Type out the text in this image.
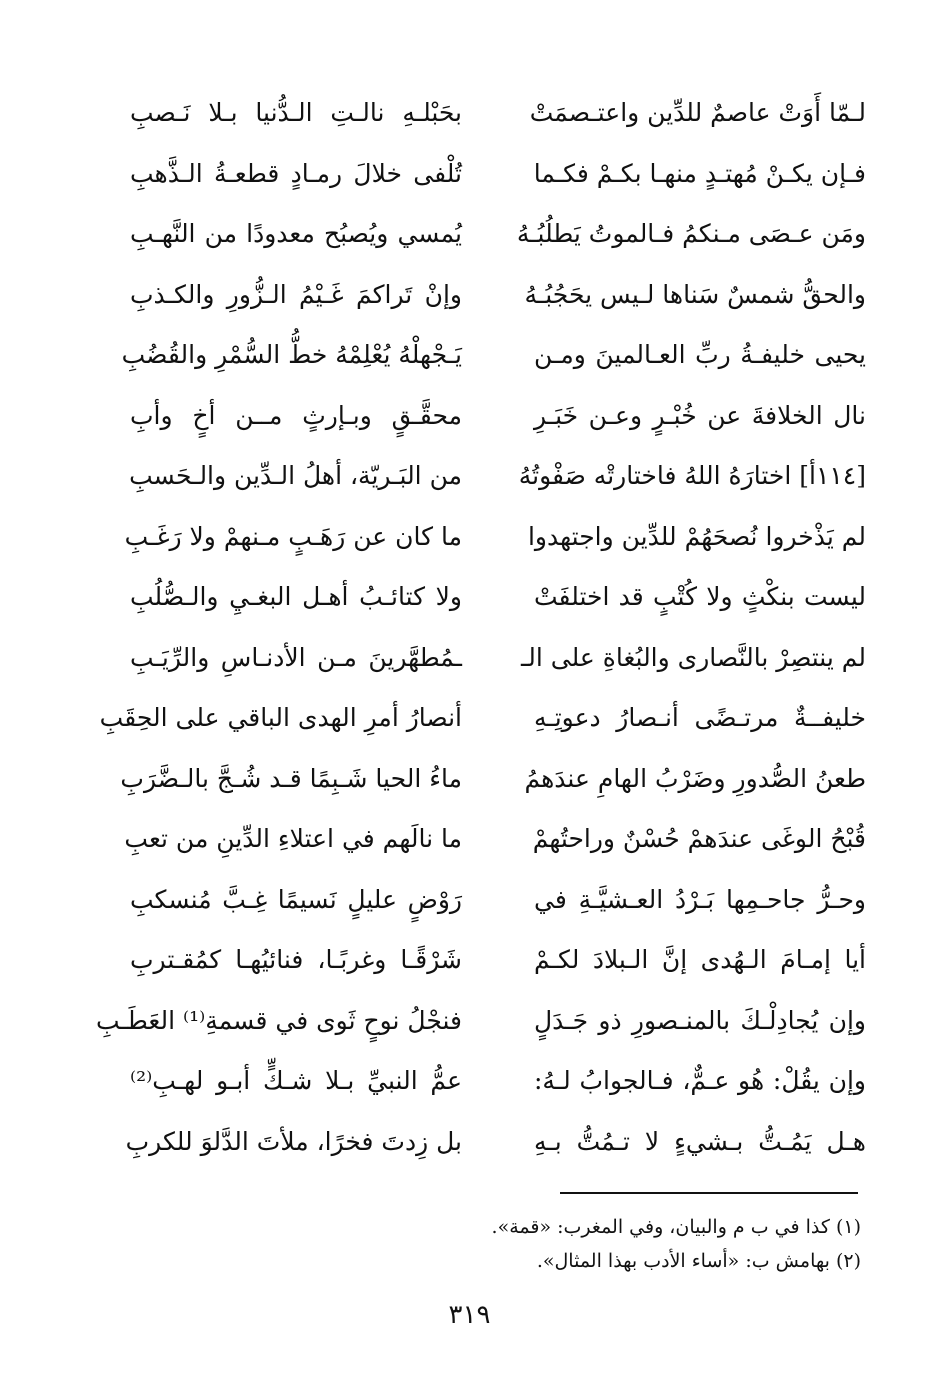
لـمّا أَوَتْ عاصمٌ للدِّين واعتـصمَتْ
بحَبْلـهِ نالـتِ الـدُّنيا بـلا نَـصبِ
فـإن يكـنْ مُهتـدٍ منهـا بكـمْ فكـما
تُلْفى خلالَ رمـادٍ قطعـةُ الـذَّهبِ
ومَن عـصَى مـنكمُ فـالموتُ يَطلُبُـهُ
يُمسي ويُصبُح معدودًا من النَّهـبِ
والحقُّ شمسٌ سَناها لـيس يحَجُبُـهُ
وإنْ تَراكمَ غَـيْمُ الـزُّورِ والكـذبِ
يحيى خليفـةُ ربِّ العـالمينَ ومـن
يَـجْهلْهُ يُعْلِمْهُ خطُّ السُّمْرِ والقُضُبِ
نال الخلافةَ عن خُبْـرٍ وعـن خَبَـرِ
محقَّـقٍ وبـإرثٍ مــن أخٍ وأبِ
[١١٤أ] اختارَهُ اللهُ فاختارتْه صَفْوتُهُ
من البَـريّة، أهلُ الـدِّين والـحَسبِ
لم يَذْخروا نُصحَهُمْ للدِّين واجتهدوا
ما كان عن رَهَـبٍ مـنهمْ ولا رَغَـبِ
ليست بنكْثٍ ولا كُتْبٍ قد اختلفَتْ
ولا كتائـبُ أهـل البغـيِ والـصُّلُبِ
لم ينتصِرْ بالنَّصارى والبُغاةِ على الـ
ـمُطهَّرينَ مـن الأدنـاسِ والرِّيَـبِ
خليفــةٌ مرتـضًى أنـصارُ دعوتِـهِ
أنصارُ أمرِ الهدى الباقي على الحِقَبِ
طعنُ الصُّدورِ وضَرْبُ الهامِ عندَهمُ
ماءُ الحيا شَـبِمًا قـد شُـجَّ بالـضَّرَبِ
قُبْحُ الوغَى عندَهمْ حُسْنٌ وراحتُهمْ
ما نالَهم في اعتلاءِ الدِّينِ من تعبِ
وحـرُّ جاحـمِها بَـرْدُ العـشيَّـةِ في
رَوْضٍ عليلٍ نَسيمًا غِـبَّ مُنسكبِ
أيا إمـامَ الـهُدى إنَّ الـبلادَ لكـمْ
شَرْقًـا وغربًـا، فنائيُهـا كمُقـتربِ
وإن يُجادِلْـكَ بالمنـصورِ ذو جَـدَلٍ
فنجْلُ نوحٍ ثَوى في قسمةِ⁽¹⁾ العَطَـبِ
وإن يقُلْ: هُو عـمٌّ، فـالجوابُ لـهُ:
عمُّ النبيِّ بـلا شـكٍّ أبـو لهـبِ⁽²⁾
هـل يَمُـتُّ بـشيءٍ لا تـمُتُّ بـهِ
بل زِدتَ فخرًا، ملأتَ الدَّلوَ للكربِ
(١) كذا في ب م والبيان، وفي المغرب: «قمة».
(٢) بهامش ب: «أساء الأدب بهذا المثال».
٣١٩
